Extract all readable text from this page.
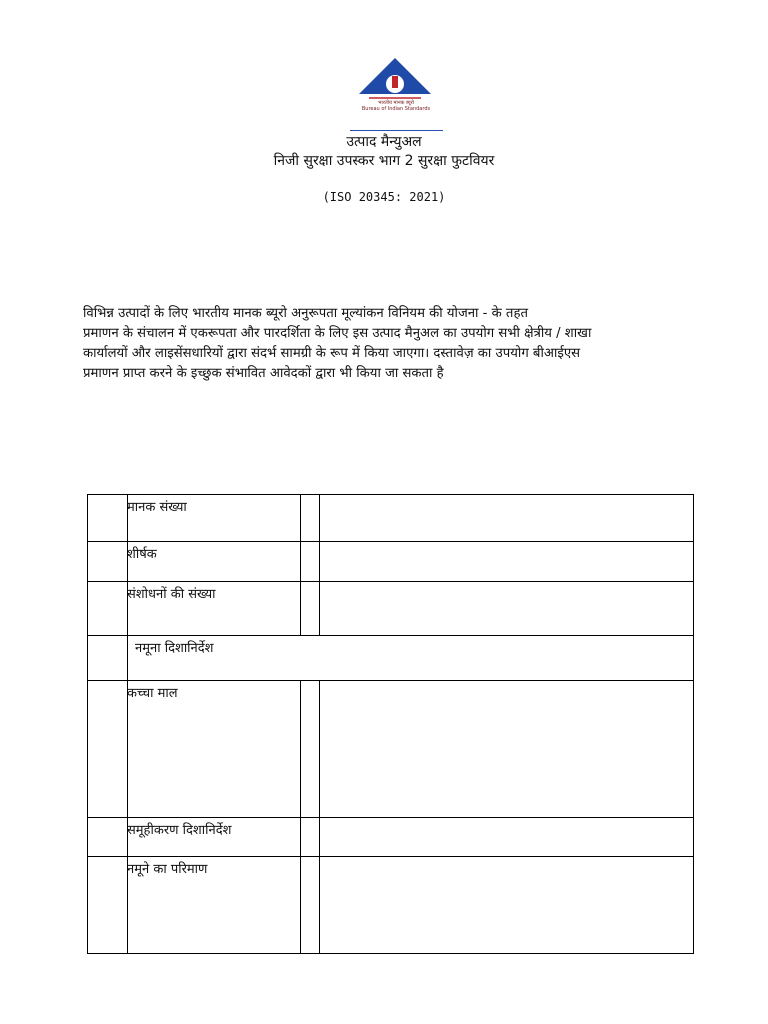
भारतीय मानक ब्यूरो
Bureau of Indian Standards
उत्पाद मैन्युअल
निजी सुरक्षा उपस्कर भाग 2 सुरक्षा फुटवियर
(ISO 20345: 2021)
विभिन्न उत्पादों के लिए भारतीय मानक ब्यूरो अनुरूपता मूल्यांकन विनियम की योजना - के तहत
प्रमाणन के संचालन में एकरूपता और पारदर्शिता के लिए इस उत्पाद मैनुअल का उपयोग सभी क्षेत्रीय / शाखा
कार्यालयों और लाइसेंसधारियों द्वारा संदर्भ सामग्री के रूप में किया जाएगा। दस्तावेज़ का उपयोग बीआईएस
प्रमाणन प्राप्त करने के इच्छुक संभावित आवेदकों द्वारा भी किया जा सकता है

	मानक संख्या		

	शीर्षक		

	संशोधनों की संख्या		

	नमूना दिशानिर्देश		

	कच्चा माल		

	समूहीकरण दिशानिर्देश		

	नमूने का परिमाण		
